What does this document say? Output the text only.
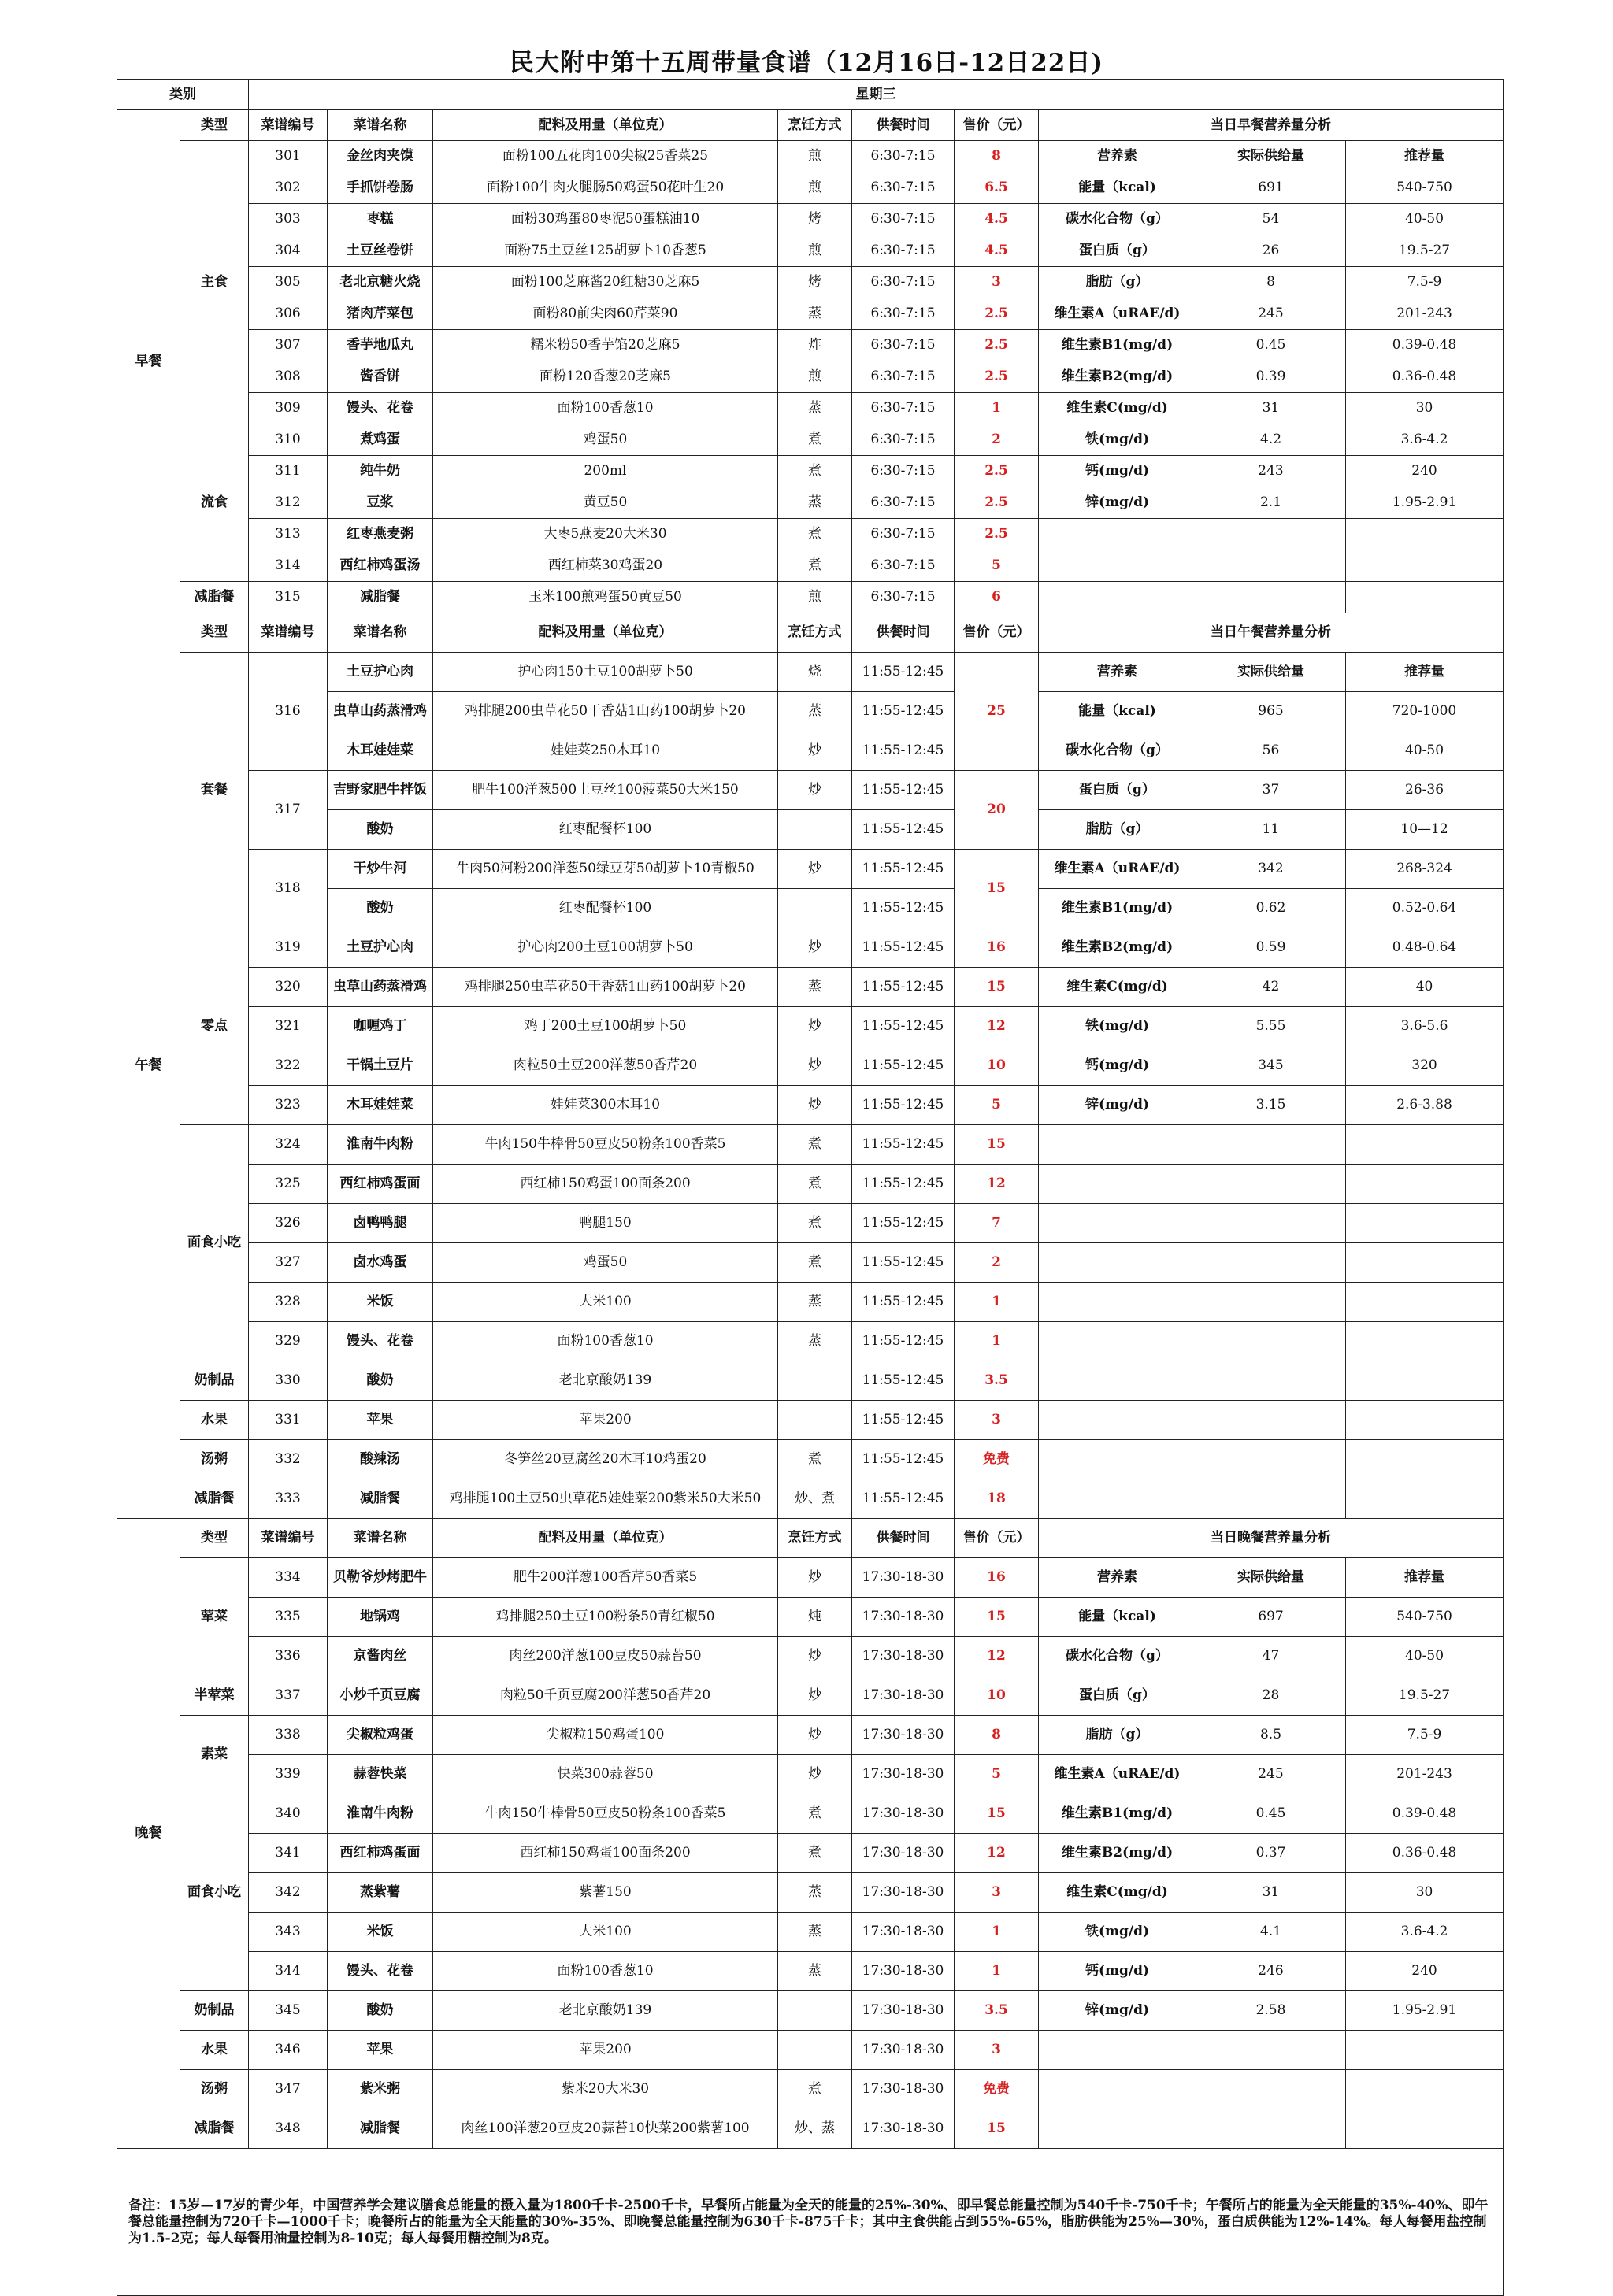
民大附中第十五周带量食谱（12月16日-12日22日)
类别		星期三								
早餐	类型	菜谱编号	菜谱名称	配料及用量（单位克）	烹饪方式	供餐时间	售价（元）	当日早餐营养量分析		
	主食	301	金丝肉夹馍	面粉100五花肉100尖椒25香菜25	煎	6:30-7:15	8	营养素	实际供给量	推荐量
		302	手抓饼卷肠	面粉100牛肉火腿肠50鸡蛋50花叶生20	煎	6:30-7:15	6.5	能量（kcal)	691	540-750
		303	枣糕	面粉30鸡蛋80枣泥50蛋糕油10	烤	6:30-7:15	4.5	碳水化合物（g）	54	40-50
		304	土豆丝卷饼	面粉75土豆丝125胡萝卜10香葱5	煎	6:30-7:15	4.5	蛋白质（g）	26	19.5-27
		305	老北京糖火烧	面粉100芝麻酱20红糖30芝麻5	烤	6:30-7:15	3	脂肪（g）	8	7.5-9
		306	猪肉芹菜包	面粉80前尖肉60芹菜90	蒸	6:30-7:15	2.5	维生素A（uRAE/d)	245	201-243
		307	香芋地瓜丸	糯米粉50香芋馅20芝麻5	炸	6:30-7:15	2.5	维生素B1(mg/d)	0.45	0.39-0.48
		308	酱香饼	面粉120香葱20芝麻5	煎	6:30-7:15	2.5	维生素B2(mg/d)	0.39	0.36-0.48
		309	馒头、花卷	面粉100香葱10	蒸	6:30-7:15	1	维生素C(mg/d)	31	30
	流食	310	煮鸡蛋	鸡蛋50	煮	6:30-7:15	2	铁(mg/d)	4.2	3.6-4.2
		311	纯牛奶	200ml	煮	6:30-7:15	2.5	钙(mg/d)	243	240
		312	豆浆	黄豆50	蒸	6:30-7:15	2.5	锌(mg/d)	2.1	1.95-2.91
		313	红枣燕麦粥	大枣5燕麦20大米30	煮	6:30-7:15	2.5			
		314	西红柿鸡蛋汤	西红柿菜30鸡蛋20	煮	6:30-7:15	5			
	减脂餐	315	减脂餐	玉米100煎鸡蛋50黄豆50	煎	6:30-7:15	6			
午餐	类型	菜谱编号	菜谱名称	配料及用量（单位克）	烹饪方式	供餐时间	售价（元）	当日午餐营养量分析		
	套餐	316	土豆护心肉	护心肉150土豆100胡萝卜50	烧	11:55-12:45	25	营养素	实际供给量	推荐量
			虫草山药蒸滑鸡	鸡排腿200虫草花50干香菇1山药100胡萝卜20	蒸	11:55-12:45		能量（kcal)	965	720-1000
			木耳娃娃菜	娃娃菜250木耳10	炒	11:55-12:45		碳水化合物（g）	56	40-50
		317	吉野家肥牛拌饭	肥牛100洋葱500土豆丝100菠菜50大米150	炒	11:55-12:45	20	蛋白质（g）	37	26-36
			酸奶	红枣配餐杯100		11:55-12:45		脂肪（g）	11	10—12
		318	干炒牛河	牛肉50河粉200洋葱50绿豆芽50胡萝卜10青椒50	炒	11:55-12:45	15	维生素A（uRAE/d)	342	268-324
			酸奶	红枣配餐杯100		11:55-12:45		维生素B1(mg/d)	0.62	0.52-0.64
	零点	319	土豆护心肉	护心肉200土豆100胡萝卜50	炒	11:55-12:45	16	维生素B2(mg/d)	0.59	0.48-0.64
		320	虫草山药蒸滑鸡	鸡排腿250虫草花50干香菇1山药100胡萝卜20	蒸	11:55-12:45	15	维生素C(mg/d)	42	40
		321	咖喱鸡丁	鸡丁200土豆100胡萝卜50	炒	11:55-12:45	12	铁(mg/d)	5.55	3.6-5.6
		322	干锅土豆片	肉粒50土豆200洋葱50香芹20	炒	11:55-12:45	10	钙(mg/d)	345	320
		323	木耳娃娃菜	娃娃菜300木耳10	炒	11:55-12:45	5	锌(mg/d)	3.15	2.6-3.88
	面食小吃	324	淮南牛肉粉	牛肉150牛棒骨50豆皮50粉条100香菜5	煮	11:55-12:45	15			
		325	西红柿鸡蛋面	西红柿150鸡蛋100面条200	煮	11:55-12:45	12			
		326	卤鸭鸭腿	鸭腿150	煮	11:55-12:45	7			
		327	卤水鸡蛋	鸡蛋50	煮	11:55-12:45	2			
		328	米饭	大米100	蒸	11:55-12:45	1			
		329	馒头、花卷	面粉100香葱10	蒸	11:55-12:45	1			
	奶制品	330	酸奶	老北京酸奶139		11:55-12:45	3.5			
	水果	331	苹果	苹果200		11:55-12:45	3			
	汤粥	332	酸辣汤	冬笋丝20豆腐丝20木耳10鸡蛋20	煮	11:55-12:45	免费			
	减脂餐	333	减脂餐	鸡排腿100土豆50虫草花5娃娃菜200紫米50大米50	炒、煮	11:55-12:45	18			
晚餐	类型	菜谱编号	菜谱名称	配料及用量（单位克）	烹饪方式	供餐时间	售价（元）	当日晚餐营养量分析		
	荤菜	334	贝勒爷炒烤肥牛	肥牛200洋葱100香芹50香菜5	炒	17:30-18-30	16	营养素	实际供给量	推荐量
		335	地锅鸡	鸡排腿250土豆100粉条50青红椒50	炖	17:30-18-30	15	能量（kcal)	697	540-750
		336	京酱肉丝	肉丝200洋葱100豆皮50蒜苔50	炒	17:30-18-30	12	碳水化合物（g）	47	40-50
	半荤菜	337	小炒千页豆腐	肉粒50千页豆腐200洋葱50香芹20	炒	17:30-18-30	10	蛋白质（g）	28	19.5-27
	素菜	338	尖椒粒鸡蛋	尖椒粒150鸡蛋100	炒	17:30-18-30	8	脂肪（g）	8.5	7.5-9
		339	蒜蓉快菜	快菜300蒜蓉50	炒	17:30-18-30	5	维生素A（uRAE/d)	245	201-243
	面食小吃	340	淮南牛肉粉	牛肉150牛棒骨50豆皮50粉条100香菜5	煮	17:30-18-30	15	维生素B1(mg/d)	0.45	0.39-0.48
		341	西红柿鸡蛋面	西红柿150鸡蛋100面条200	煮	17:30-18-30	12	维生素B2(mg/d)	0.37	0.36-0.48
		342	蒸紫薯	紫薯150	蒸	17:30-18-30	3	维生素C(mg/d)	31	30
		343	米饭	大米100	蒸	17:30-18-30	1	铁(mg/d)	4.1	3.6-4.2
		344	馒头、花卷	面粉100香葱10	蒸	17:30-18-30	1	钙(mg/d)	246	240
	奶制品	345	酸奶	老北京酸奶139		17:30-18-30	3.5	锌(mg/d)	2.58	1.95-2.91
	水果	346	苹果	苹果200		17:30-18-30	3			
	汤粥	347	紫米粥	紫米20大米30	煮	17:30-18-30	免费			
	减脂餐	348	减脂餐	肉丝100洋葱20豆皮20蒜苔10快菜200紫薯100	炒、蒸	17:30-18-30	15			
备注：15岁—17岁的青少年，中国营养学会建议膳食总能量的摄入量为1800千卡-2500千卡，早餐所占能量为全天的能量的25%-30%、即早餐总能量控制为540千卡-750千卡；午餐所占的能量为全天能量的35%-40%、即午餐总能量控制为720千卡—1000千卡；晚餐所占的能量为全天能量的30%-35%、即晚餐总能量控制为630千卡-875千卡；其中主食供能占到55%-65%，脂肪供能为25%—30%，蛋白质供能为12%-14%。每人每餐用盐控制为1.5-2克；每人每餐用油量控制为8-10克；每人每餐用糖控制为8克。										
